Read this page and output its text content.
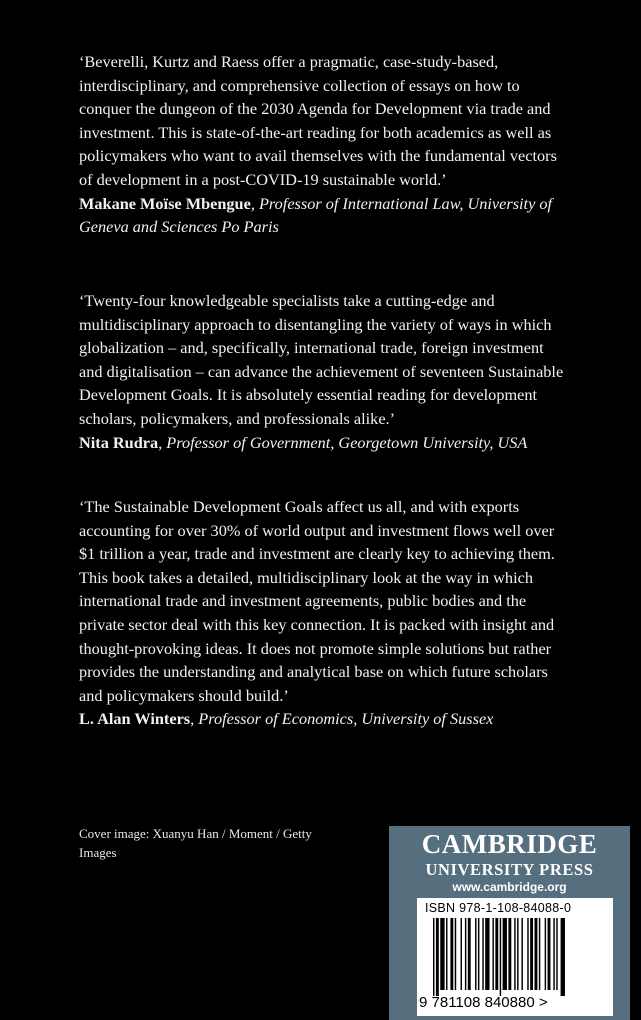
‘Beverelli, Kurtz and Raess offer a pragmatic, case-study-based,
interdisciplinary, and comprehensive collection of essays on how to
conquer the dungeon of the 2030 Agenda for Development via trade and
investment. This is state-of-the-art reading for both academics as well as
policymakers who want to avail themselves with the fundamental vectors
of development in a post-COVID-19 sustainable world.’

Makane Moïse Mbengue, Professor of International Law, University of
Geneva and Sciences Po Paris

‘Twenty-four knowledgeable specialists take a cutting-edge and
multidisciplinary approach to disentangling the variety of ways in which
globalization – and, specifically, international trade, foreign investment
and digitalisation – can advance the achievement of seventeen Sustainable
Development Goals. It is absolutely essential reading for development
scholars, policymakers, and professionals alike.’

Nita Rudra, Professor of Government, Georgetown University, USA

‘The Sustainable Development Goals affect us all, and with exports
accounting for over 30% of world output and investment flows well over
$1 trillion a year, trade and investment are clearly key to achieving them.
This book takes a detailed, multidisciplinary look at the way in which
international trade and investment agreements, public bodies and the
private sector deal with this key connection. It is packed with insight and
thought-provoking ideas. It does not promote simple solutions but rather
provides the understanding and analytical base on which future scholars
and policymakers should build.’

L. Alan Winters, Professor of Economics, University of Sussex

Cover image: Xuanyu Han / Moment / Getty
Images	CAMBRIDGE
UNIVERSITY PRESS
www.cambridge.org
ISBN 978-1-108-84088-0
9 781108 840880 >
